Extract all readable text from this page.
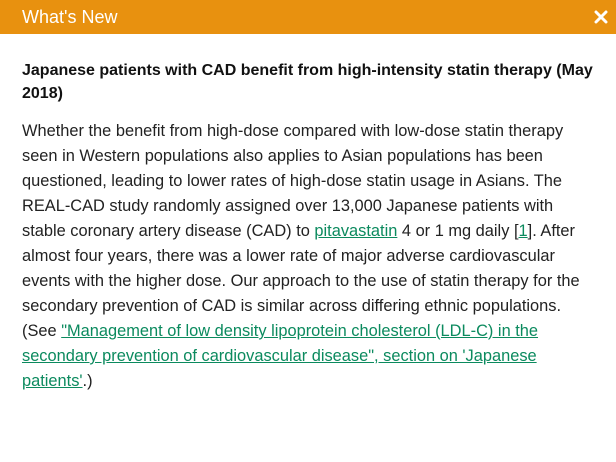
What's New

Japanese patients with CAD benefit from high-intensity statin therapy (May 2018)

Whether the benefit from high-dose compared with low-dose statin therapy seen in Western populations also applies to Asian populations has been questioned, leading to lower rates of high-dose statin usage in Asians. The REAL-CAD study randomly assigned over 13,000 Japanese patients with stable coronary artery disease (CAD) to pitavastatin 4 or 1 mg daily [1]. After almost four years, there was a lower rate of major adverse cardiovascular events with the higher dose. Our approach to the use of statin therapy for the secondary prevention of CAD is similar across differing ethnic populations. (See "Management of low density lipoprotein cholesterol (LDL-C) in the secondary prevention of cardiovascular disease", section on 'Japanese patients'.)
